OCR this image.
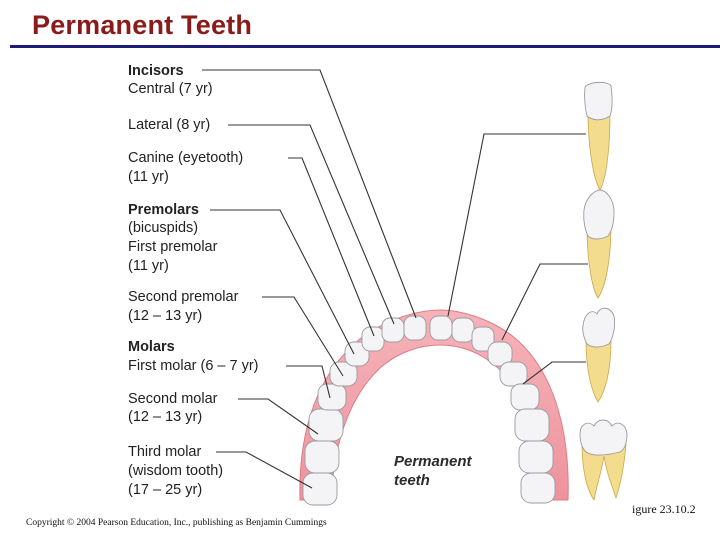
Permanent Teeth
Incisors
Central (7 yr)
Lateral (8 yr)
Canine (eyetooth)
(11 yr)
Premolars
(bicuspids)
First premolar
(11 yr)
Second premolar
(12 – 13 yr)
Molars
First molar (6 – 7 yr)
Second molar
(12 – 13 yr)
Third molar
(wisdom tooth)
(17 – 25 yr)
Permanent
teeth
igure 23.10.2
Copyright © 2004 Pearson Education, Inc., publishing as Benjamin Cummings
